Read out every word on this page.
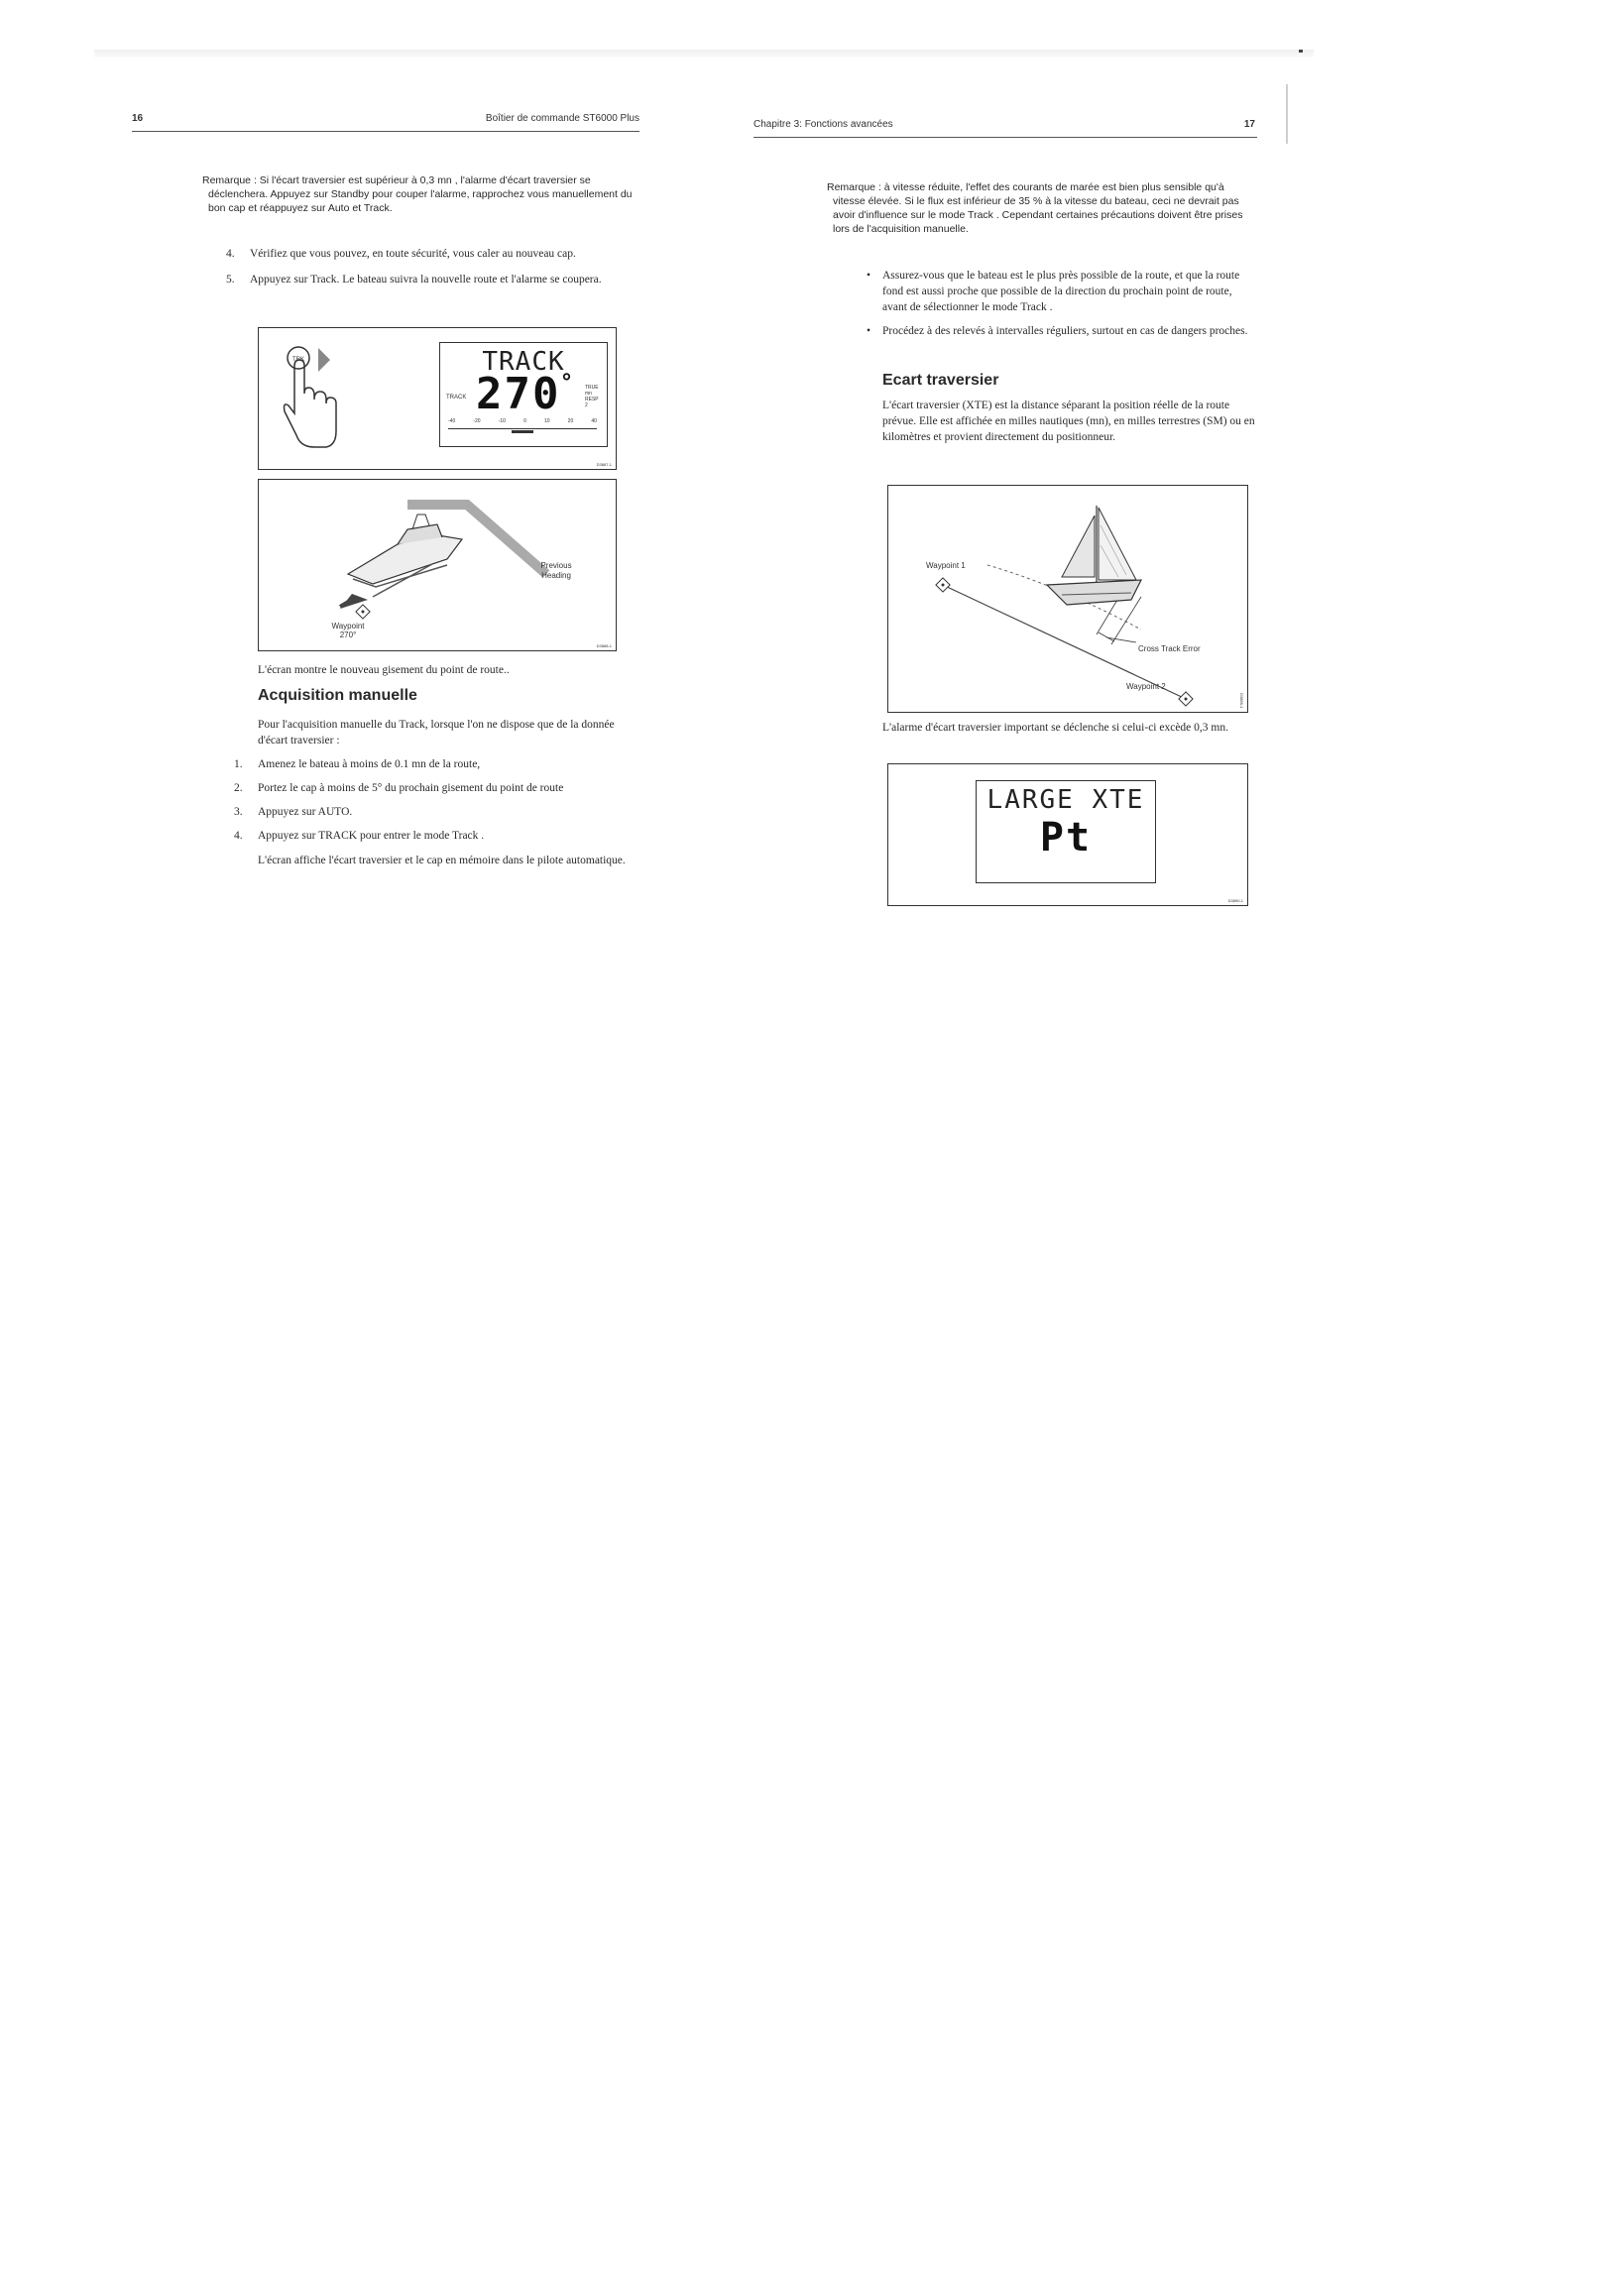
16	Boîtier de commande ST6000 Plus
Remarque : Si l'écart traversier est supérieur à 0,3 mn , l'alarme d'écart traversier se déclenchera. Appuyez sur Standby pour couper l'alarme, rapprochez vous manuellement du bon cap et réappuyez sur Auto et Track.
4. Vérifiez que vous pouvez, en toute sécurité, vous caler au nouveau cap.
5. Appuyez sur Track. Le bateau suivra la nouvelle route et l'alarme se coupera.
TRK	TRACK
TRACK 270 °	TRUE
mn
RESP
2
-40	-20	-10	0	10	20	40
D3887-1
Previous Heading
Waypoint
270°
D3888-1
L'écran montre le nouveau gisement du point de route..
Acquisition manuelle
Pour l'acquisition manuelle du Track, lorsque l'on ne dispose que de la donnée d'écart traversier :
1. Amenez le bateau à moins de 0.1 mn de la route,
2. Portez le cap à moins de 5° du prochain gisement du point de route
3. Appuyez sur AUTO.
4. Appuyez sur TRACK pour entrer le mode Track .
L'écran affiche l'écart traversier et le cap en mémoire dans le pilote automatique.
Chapitre 3: Fonctions avancées	17
Remarque : à vitesse réduite, l'effet des courants de marée est bien plus sensible qu'à vitesse élevée. Si le flux est inférieur de 35 % à la vitesse du bateau, ceci ne devrait pas avoir d'influence sur le mode Track . Cependant certaines précautions doivent être prises lors de l'acquisition manuelle.
• Assurez-vous que le bateau est le plus près possible de la route, et que la route fond est aussi proche que possible de la direction du prochain point de route, avant de sélectionner le mode Track .
• Procédez à des relevés à intervalles réguliers, surtout en cas de dangers proches.
Ecart traversier
L'écart traversier (XTE) est la distance séparant la position réelle de la route prévue. Elle est affichée en milles nautiques (mn), en milles terrestres (SM) ou en kilomètres et provient directement du positionneur.
Waypoint 1
Cross Track Error
Waypoint 2
D3889-1
L'alarme d'écart traversier important se déclenche si celui-ci excède 0,3 mn.
LARGE XTE
Pt
D3890-1
